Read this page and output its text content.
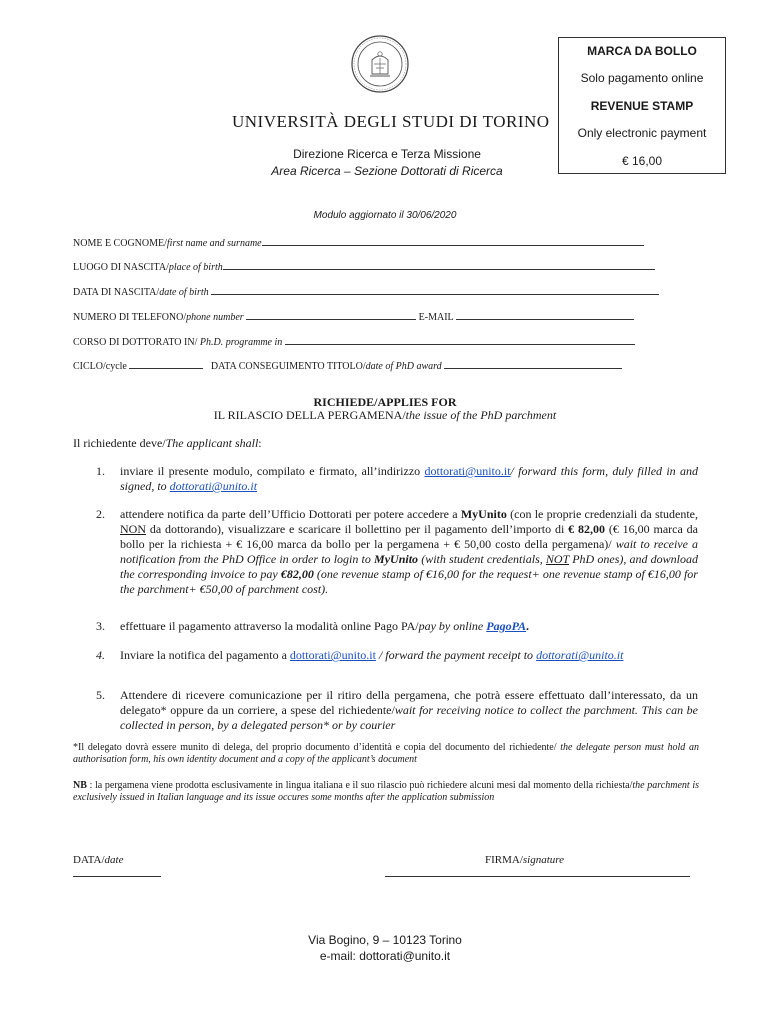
UNIVERSITÀ DEGLI STUDI DI TORINO
Direzione Ricerca e Terza Missione
Area Ricerca – Sezione Dottorati di Ricerca
MARCA DA BOLLO
Solo pagamento online
REVENUE STAMP
Only electronic payment
€ 16,00
Modulo aggiornato il 30/06/2020
NOME E COGNOME/first name and surname
LUOGO DI NASCITA/place of birth
DATA DI NASCITA/date of birth
NUMERO DI TELEFONO/phone number	E-MAIL
CORSO DI DOTTORATO IN/ Ph.D. programme in
CICLO/cycle	DATA CONSEGUIMENTO TITOLO/date of PhD award
RICHIEDE/APPLIES FOR
IL RILASCIO DELLA PERGAMENA/the issue of the PhD parchment
Il richiedente deve/The applicant shall:
1. inviare il presente modulo, compilato e firmato, all’indirizzo dottorati@unito.it/ forward this form, duly filled in and signed, to dottorati@unito.it
2. attendere notifica da parte dell’Ufficio Dottorati per potere accedere a MyUnito (con le proprie credenziali da studente, NON da dottorando), visualizzare e scaricare il bollettino per il pagamento dell’importo di € 82,00 (€ 16,00 marca da bollo per la richiesta + € 16,00 marca da bollo per la pergamena + € 50,00 costo della pergamena)/ wait to receive a notification from the PhD Office in order to login to MyUnito (with student credentials, NOT PhD ones), and download the corresponding invoice to pay €82,00 (one revenue stamp of €16,00 for the request+ one revenue stamp of €16,00 for the parchment+ €50,00 of parchment cost).
3. effettuare il pagamento attraverso la modalità online Pago PA/pay by online PagoPA.
4. Inviare la notifica del pagamento a dottorati@unito.it / forward the payment receipt to dottorati@unito.it
5. Attendere di ricevere comunicazione per il ritiro della pergamena, che potrà essere effettuato dall’interessato, da un delegato* oppure da un corriere, a spese del richiedente/wait for receiving notice to collect the parchment. This can be collected in person, by a delegated person* or by courier
*Il delegato dovrà essere munito di delega, del proprio documento d’identità e copia del documento del richiedente/ the delegate person must hold an authorisation form, his own identity document and a copy of the applicant’s document
NB : la pergamena viene prodotta esclusivamente in lingua italiana e il suo rilascio può richiedere alcuni mesi dal momento della richiesta/the parchment is exclusively issued in Italian language and its issue occures some months after the application submission
DATA/date	FIRMA/signature
Via Bogino, 9 – 10123 Torino
e-mail: dottorati@unito.it
